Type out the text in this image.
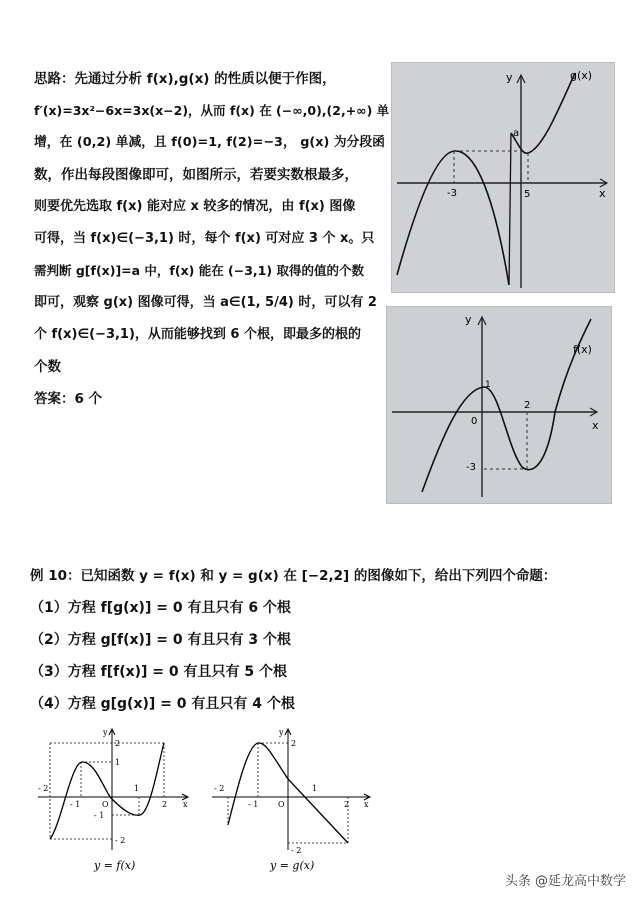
思路：先通过分析 f(x),g(x) 的性质以便于作图，
f′(x)=3x²−6x=3x(x−2)，从而 f(x) 在 (−∞,0),(2,+∞) 单
增，在 (0,2) 单减，且 f(0)=1, f(2)=−3， g(x) 为分段函
数，作出每段图像即可，如图所示，若要实数根最多，
则要优先选取 f(x) 能对应 x 较多的情况，由 f(x) 图像
可得，当 f(x)∈(−3,1) 时，每个 f(x) 可对应 3 个 x。只
需判断 g[f(x)]=a 中，f(x) 能在 (−3,1) 取得的值的个数
即可，观察 g(x) 图像可得，当 a∈(1, 5/4) 时，可以有 2
个 f(x)∈(−3,1)，从而能够找到 6 个根，即最多的根的
个数
答案：6 个
-3	5
a
y
x
g(x)
0
2
-3
1
y
x
f(x)
例 10：已知函数 y = f(x) 和 y = g(x) 在 [−2,2] 的图像如下，给出下列四个命题：
（1）方程 f[g(x)] = 0 有且只有 6 个根
（2）方程 g[f(x)] = 0 有且只有 3 个根
（3）方程 f[f(x)] = 0 有且只有 5 个根
（4）方程 g[g(x)] = 0 有且只有 4 个根
y
x
O
- 2
- 1
1
2
2
1
- 1
- 2
y = f(x)
y
x
O
- 2
- 1
1
2
2
- 2
y = g(x)
头条 @延龙高中数学
